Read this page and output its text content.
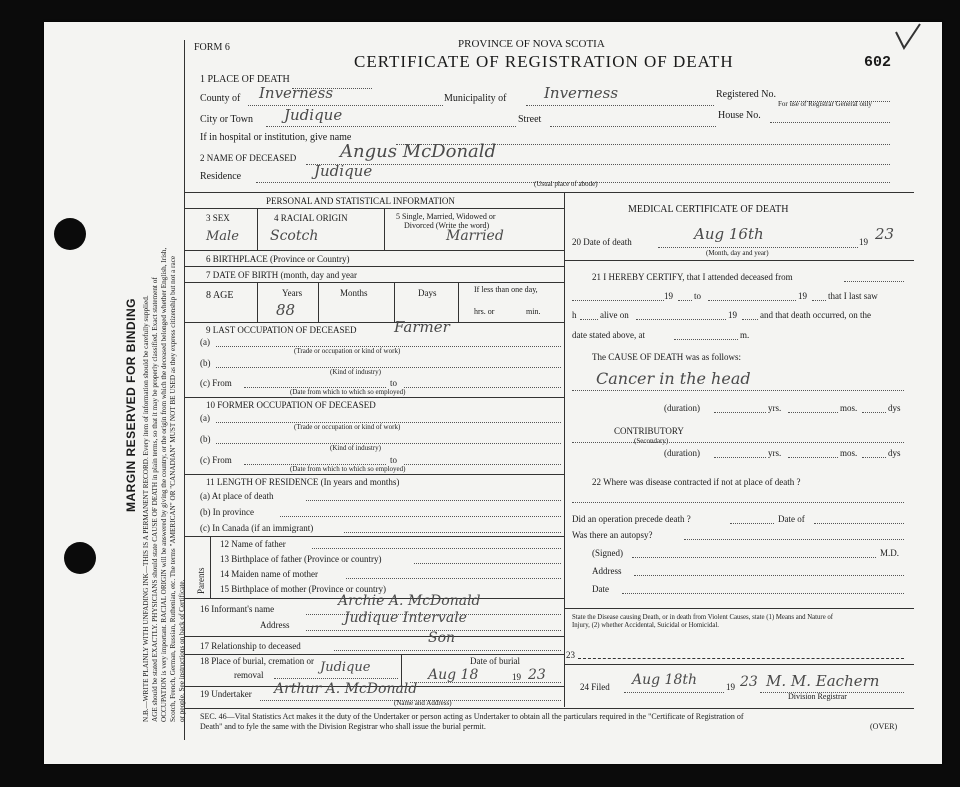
MARGIN RESERVED FOR BINDING N.B.—WRITE PLAINLY WITH UNFADING INK—THIS IS A PERMANENT RECORD. Every item of information should be carefully supplied. AGE should be stated EXACTLY. PHYSICIANS should state CAUSE OF DEATH in plain terms, so that it may be properly classified. Exact statement of OCCUPATION is very important. RACIAL ORIGIN will be answered by giving the country, or the origin from which the deceased belonged whether English, Irish, Scotch, French, German, Russian, Ruthenian, etc. The terms "AMERICAN" OR "CANADIAN" MUST NOT BE USED as they express citizenship but not a race or people. See instructions on back of Certificate.
FORM 6	PROVINCE OF NOVA SCOTIA
CERTIFICATE OF REGISTRATION OF DEATH	602
1 PLACE OF DEATH
County of Inverness	Municipality of	Inverness	Registered No.
For use of Registrar General only
City or Town Judique	Street	House No.
If in hospital or institution, give name
2 NAME OF DECEASED Angus McDonald
Residence	Judique
(Usual place of abode)
PERSONAL AND STATISTICAL INFORMATION
3 SEX
Male
4 RACIAL ORIGIN
Scotch
5 Single, Married, Widowed or
Divorced (Write the word)
Married
6 BIRTHPLACE (Province or Country)
7 DATE OF BIRTH (month, day and year
8 AGE	Years
88
Months	Days	If less than one day,
hrs. or	min.
9 LAST OCCUPATION OF DECEASED Farmer
(a)
(Trade or occupation or kind of work)
(b)
(Kind of industry)
(c) From	to
(Date from which to which so employed)
10 FORMER OCCUPATION OF DECEASED
(a)
(Trade or occupation or kind of work)
(b)
(Kind of industry)
(c) From	to
(Date from which to which so employed)
11 LENGTH OF RESIDENCE (In years and months)
(a) At place of death
(b) In province
(c) In Canada (if an immigrant)
Parents
12 Name of father
13 Birthplace of father (Province or country)
14 Maiden name of mother
15 Birthplace of mother (Province or country)
16 Informant's name	Archie A. McDonald
Address	Judique Intervale
17 Relationship to deceased	Son
18 Place of burial, cremation or
removal	Judique	Date of burial
Aug 18	19 23
19 Undertaker Arthur A. McDonald
(Name and Address)
MEDICAL CERTIFICATE OF DEATH
20 Date of death	Aug 16th	19 23
(Month, day and year)
21 I HEREBY CERTIFY, that I attended deceased from
19 to	19 that I last saw
h	alive on	19	and that death occurred, on the
date stated above, at	m.
The CAUSE OF DEATH was as follows:
Cancer in the head
(duration)	yrs.	mos.	dys
CONTRIBUTORY
(Secondary)
(duration)	yrs.	mos.	dys
22 Where was disease contracted if not at place of death ?
Did an operation precede death ?	Date of
Was there an autopsy?
(Signed)	M.D.
Address
Date
State the Disease causing Death, or in death from Violent Causes, state (1) Means and Nature of
Injury, (2) whether Accidental, Suicidal or Homicidal.
23
24 Filed Aug 18th	19 23 M. M. Eachern
Division Registrar
SEC. 46—Vital Statistics Act makes it the duty of the Undertaker or person acting as Undertaker to obtain all the particulars required in the "Certificate of Registration of
Death" and to fyle the same with the Division Registrar who shall issue the burial permit.	(OVER)
